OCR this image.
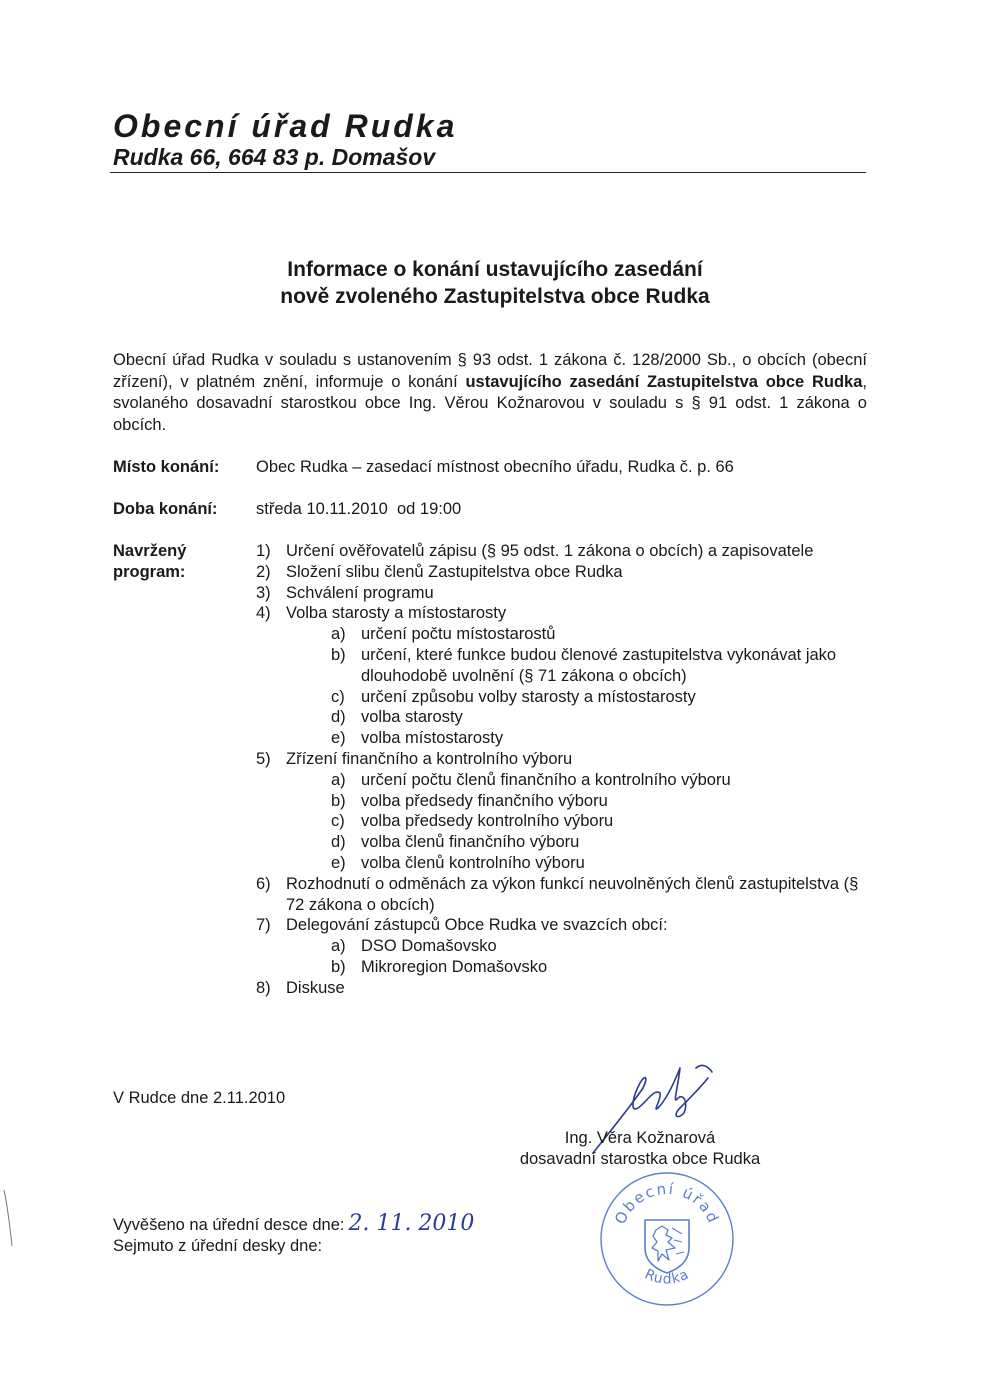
Obecní úřad Rudka
Rudka 66, 664 83 p. Domašov
Informace o konání ustavujícího zasedání
nově zvoleného Zastupitelstva obce Rudka

Obecní úřad Rudka v souladu s ustanovením § 93 odst. 1 zákona č. 128/2000 Sb., o obcích (obecní zřízení), v platném znění, informuje o konání ustavujícího zasedání Zastupitelstva obce Rudka, svolaného dosavadní starostkou obce Ing. Věrou Kožnarovou v souladu s § 91 odst. 1 zákona o obcích.

Místo konání: Obec Rudka – zasedací místnost obecního úřadu, Rudka č. p. 66
Doba konání: středa 10.11.2010  od 19:00
Navržený
program:
1) Určení ověřovatelů zápisu (§ 95 odst. 1 zákona o obcích) a zapisovatele
2) Složení slibu členů Zastupitelstva obce Rudka
3) Schválení programu
4) Volba starosty a místostarosty
a) určení počtu místostarostů
b) určení, které funkce budou členové zastupitelstva vykonávat jako dlouhodobě uvolnění (§ 71 zákona o obcích)
c) určení způsobu volby starosty a místostarosty
d) volba starosty
e) volba místostarosty
5) Zřízení finančního a kontrolního výboru
a) určení počtu členů finančního a kontrolního výboru
b) volba předsedy finančního výboru
c) volba předsedy kontrolního výboru
d) volba členů finančního výboru
e) volba členů kontrolního výboru
6) Rozhodnutí o odměnách za výkon funkcí neuvolněných členů zastupitelstva (§ 72 zákona o obcích)
7) Delegování zástupců Obce Rudka ve svazcích obcí:
a) DSO Domašovsko
b) Mikroregion Domašovsko
8) Diskuse
V Rudce dne 2.11.2010
Ing. Věra Kožnarová
dosavadní starostka obce Rudka
Vyvěšeno na úřední desce dne: 2. 11. 2010
Sejmuto z úřední desky dne:
Obecní úřad
Rudka
